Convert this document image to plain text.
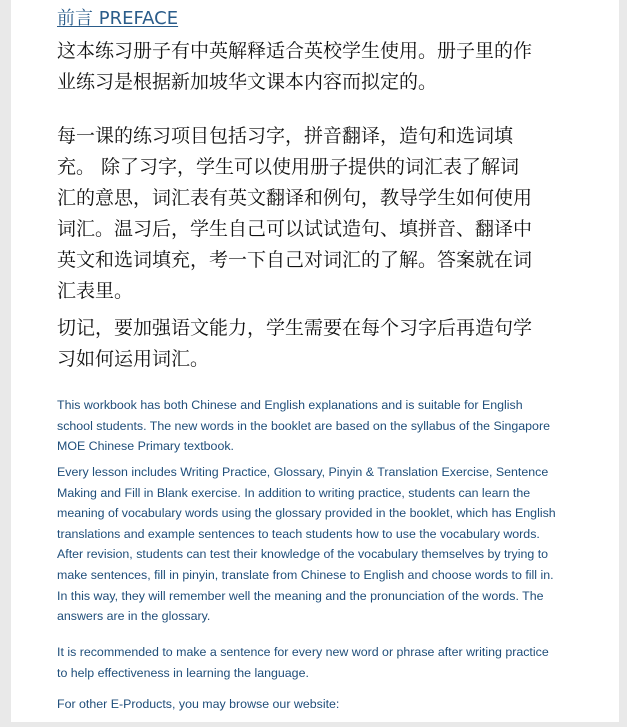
前言 PREFACE

这本练习册子有中英解释适合英校学生使用。册子里的作

业练习是根据新加坡华文课本内容而拟定的。

每一课的练习项目包括习字，拼音翻译，造句和选词填

充。 除了习字，学生可以使用册子提供的词汇表了解词

汇的意思，词汇表有英文翻译和例句，教导学生如何使用

词汇。温习后，学生自己可以试试造句、填拼音、翻译中

英文和选词填充，考一下自己对词汇的了解。答案就在词

汇表里。

切记，要加强语文能力，学生需要在每个习字后再造句学

习如何运用词汇。

This workbook has both Chinese and English explanations and is suitable for English

school students. The new words in the booklet are based on the syllabus of the Singapore

MOE Chinese Primary textbook.

Every lesson includes Writing Practice, Glossary, Pinyin & Translation Exercise, Sentence

Making and Fill in Blank exercise. In addition to writing practice, students can learn the

meaning of vocabulary words using the glossary provided in the booklet, which has English

translations and example sentences to teach students how to use the vocabulary words.

After revision, students can test their knowledge of the vocabulary themselves by trying to

make sentences, fill in pinyin, translate from Chinese to English and choose words to fill in.

In this way, they will remember well the meaning and the pronunciation of the words. The

answers are in the glossary.

It is recommended to make a sentence for every new word or phrase after writing practice

to help effectiveness in learning the language.

For other E-Products, you may browse our website:
